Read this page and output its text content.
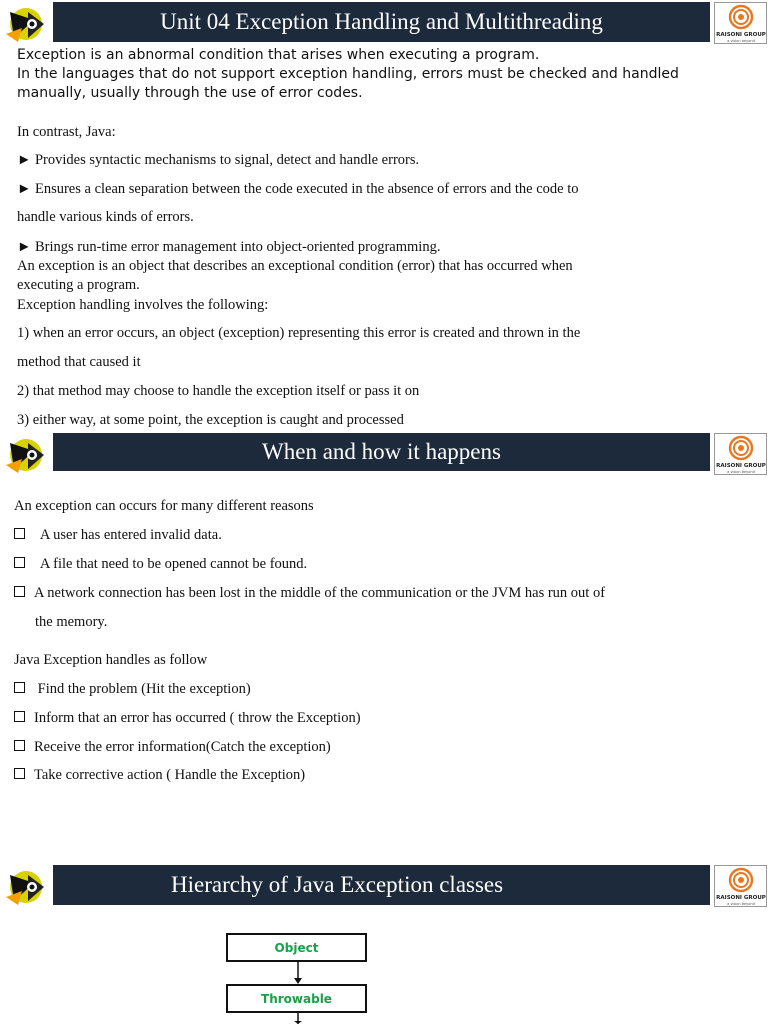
Unit 04 Exception Handling and Multithreading
RAISONI GROUP
a vision beyond
Exception is an abnormal condition that arises when executing a program.
In the languages that do not support exception handling, errors must be checked and handled
manually, usually through the use of error codes.
In contrast, Java:
► Provides syntactic mechanisms to signal, detect and handle errors.
► Ensures a clean separation between the code executed in the absence of errors and the code to
handle various kinds of errors.
► Brings run-time error management into object-oriented programming.
An exception is an object that describes an exceptional condition (error) that has occurred when
executing a program.
Exception handling involves the following:
1) when an error occurs, an object (exception) representing this error is created and thrown in the
method that caused it
2) that method may choose to handle the exception itself or pass it on
3) either way, at some point, the exception is caught and processed
When and how it happens
RAISONI GROUP
a vision beyond
An exception can occurs for many different reasons
A user has entered invalid data.
A file that need to be opened cannot be found.
A network connection has been lost in the middle of the communication or the JVM has run out of
the memory.
Java Exception handles as follow
Find the problem (Hit the exception)
Inform that an error has occurred ( throw the Exception)
Receive the error information(Catch the exception)
Take corrective action ( Handle the Exception)
Hierarchy of Java Exception classes
RAISONI GROUP
a vision beyond
Object
Throwable
